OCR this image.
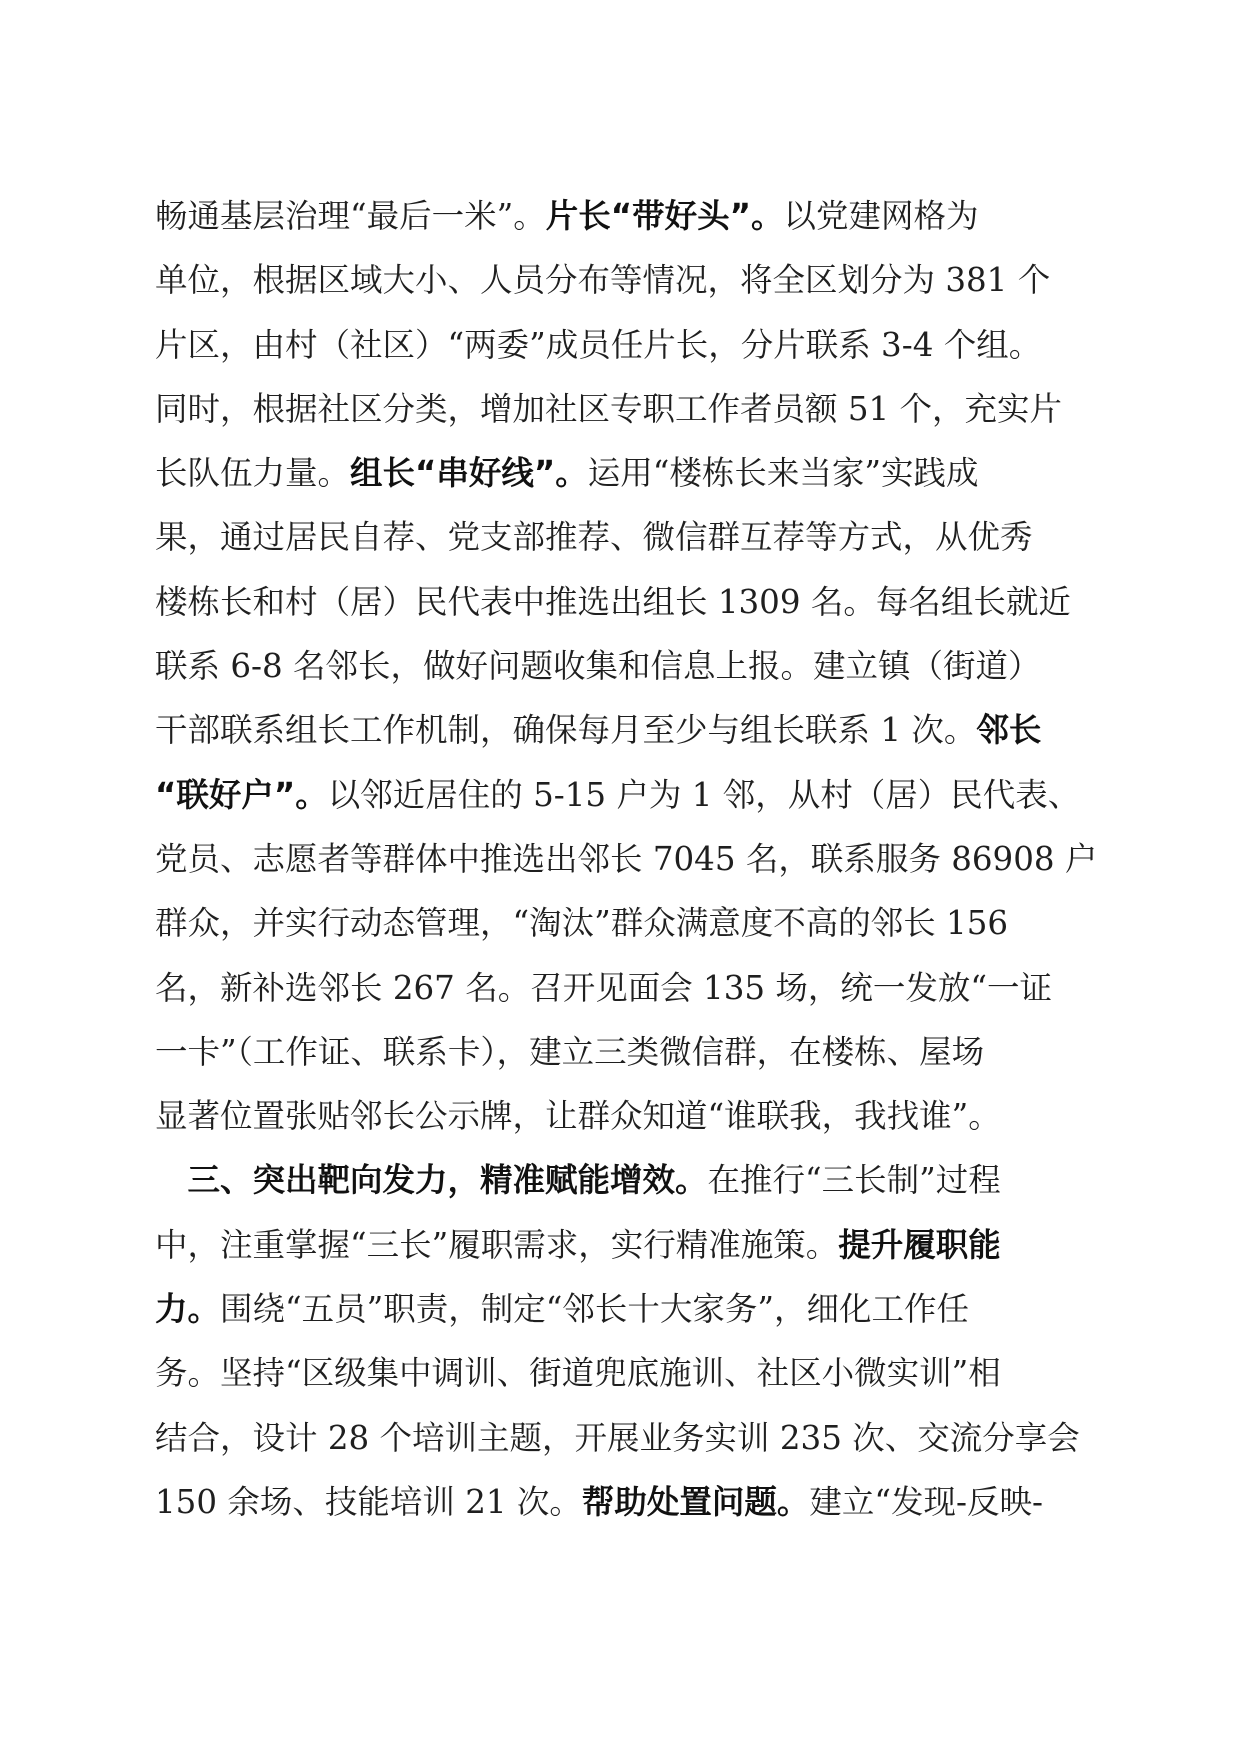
畅通基层治理“最后一米”。片长“带好头”。以党建网格为
单位，根据区域大小、人员分布等情况，将全区划分为 381 个
片区，由村（社区）“两委”成员任片长，分片联系 3-4 个组。
同时，根据社区分类，增加社区专职工作者员额 51 个，充实片
长队伍力量。组长“串好线”。运用“楼栋长来当家”实践成
果，通过居民自荐、党支部推荐、微信群互荐等方式，从优秀
楼栋长和村（居）民代表中推选出组长 1309 名。每名组长就近
联系 6-8 名邻长，做好问题收集和信息上报。建立镇（街道）
干部联系组长工作机制，确保每月至少与组长联系 1 次。邻长
“联好户”。以邻近居住的 5-15 户为 1 邻，从村（居）民代表、
党员、志愿者等群体中推选出邻长 7045 名，联系服务 86908 户
群众，并实行动态管理，“淘汰”群众满意度不高的邻长 156
名，新补选邻长 267 名。召开见面会 135 场，统一发放“一证
一卡”（工作证、联系卡），建立三类微信群，在楼栋、屋场
显著位置张贴邻长公示牌，让群众知道“谁联我，我找谁”。
　三、突出靶向发力，精准赋能增效。在推行“三长制”过程
中，注重掌握“三长”履职需求，实行精准施策。提升履职能
力。围绕“五员”职责，制定“邻长十大家务”，细化工作任
务。坚持“区级集中调训、街道兜底施训、社区小微实训”相
结合，设计 28 个培训主题，开展业务实训 235 次、交流分享会
150 余场、技能培训 21 次。帮助处置问题。建立“发现-反映-
